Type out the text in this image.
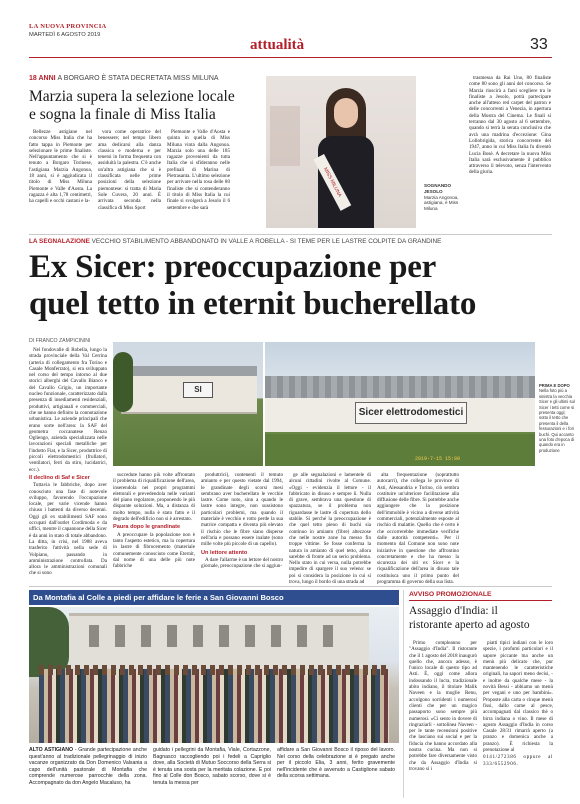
LA NUOVA PROVINCIA
MARTEDÌ 6 AGOSTO 2019
attualità	33
18 ANNI A BORGARO È STATA DECRETATA MISS MILUNA
Marzia supera la selezione locale
e sogna la finale di Miss Italia

Bellezze astigiane nel concorso Miss Italia che ha fatto tappa in Piemonte per selezionare le prime finaliste. Nell'appuntamento che si è tenuto a Borgaro Torinese, l'astigiana Marzia Angonoa, 18 anni, si è aggiudicata il titolo di Miss Miluna Piemonte e Valle d'Aosta. La ragazza è alta 1,78 centimetri, ha capelli e occhi castani e la-

vora come operatrice del benessere; nel tempo libero ama dedicarsi alla danza classica e moderna e per tenersi in forma frequenta con assiduità la palestra. C'è anche un'altra astigiana che si è classificata nelle prime posizioni della selezione piemontese: si tratta di Maria Sole Cuvera, 20 anni. È arrivata seconda nella classifica di Miss Sport

Piemonte e Valle d'Aosta e quinta in quella di Miss Miluna vinta dalla Angonoa. Marzia solo una delle 185 ragazze provenienti da tutta Italia che si sfideranno nelle prefinali di Marina di Pietrasanta. L'ultimo selezione per arrivare nella rosa delle 80 finaliste che si contenderanno il titolo di Miss Italia la cui finale si svolgerà a Jesolo il 6 settembre e che sarà

MISS MILUNA	SOGNANDO JESOLO
Marzia Angonoa, astigiana, è Miss Miluna

trasmessa da Rai Uno, 80 finaliste come 80 sono gli anni del concorso. Se Marzia riuscirà a farsi scegliere tra le finaliste a Jesolo, potrà partecipare anche all'atteso red carpet del patron e delle concorrenti a Venezia, in apertura della Mostra del Cinema. Le finali si terranno dal 30 agosto al 6 settembre, quando si terrà la serata conclusiva che avrà una madrina d'eccezione: Gina Lollobrigida, storica concorrente del 1947, anno in cui Miss Italia fu diventò Lucia Bosè. A decretare la nuova Miss Italia sarà esclusivamente il pubblico attraverso il televoto, senza l'intervento della giuria.

LA SEGNALAZIONE VECCHIO STABILIMENTO ABBANDONATO IN VALLE A ROBELLA - SI TEME PER LE LASTRE COLPITE DA GRANDINE
Ex Sicer: preoccupazione per
quel tetto in eternit bucherellato
DI FRANCO ZAMPICININI

Nel fondovalle di Robella, lungo la strada provinciale della Val Cerrina (arteria di collegamento fra Torino e Casale Monferrato), si era sviluppato nel corso del tempo intorno al due storici alberghi del Cavallo Bianco e del Cavallo Grigio, un importante nucleo funzionale, caratterizzato dalla presenza di insediamenti residenziali, produttivi, artigianali e commerciali, che ne hanno definito la connotazione urbanistica. Le aziende principali che erano sorte nell'area: la SAF del geometra coccanatese Renzo Ogliengo, azienda specializzata nelle lavorazioni speciali metalliche per l'indotto Fiat, e la Sicer, produttrice di piccoli elettrodomestici (frullatori, ventilatori, ferri da stiro, lucidatrici, ecc.).

Il declino di Saf e Sicer

Tuttavia le fabbriche, dopo aver conosciuto una fase di notevole sviluppo, favorendo l'occupazione locale, per varie vicende hanno chiuso i battenti da diverso decenni. Oggi gli ex stabilimenti SAF sono occupati dall'outlet Cordimoda e da uffici, mentre il capannone della Sicer è da anni in stato di totale abbandono. La ditta, in crisi, nel 1988 aveva trasferito l'attività nella sede di Volpiano, passando in amministrazione controllata. Da allora le amministrazioni comunali che si sono

SI
Sicer elettrodomestici
2019-7-15 15:00
PRIMA E DOPO
Nella foto più a sinistra la vecchia Sicer e gli ultimi sul Sicer i tetti come si presenta oggi; sotto il tetto che presenta il della fessurazioni e i fori buchi. Qui accanto una foto d'epoca di quando era in produzione

succedute hanno più volte affrontato il problema di riqualificazione dell'area, inserendola nei propri programmi elettorali e prevedendola nelle varianti del piano regolatore, proponendo le più disparate soluzioni. Ma, a distanza di molto tempo, nulla è stato fatto e il degrado dell'edificio non si è arrestato.

Paura dopo le grandinate

A preoccupare la popolazione non è tanto l'aspetto estetico, ma la copertura in lastre di fibrocemento (materiale comunemente conosciuto come Eternit, dal nome di una delle più note fabbriche

produttrici), contenenti il temuto amianto e per questo vietate dal 1994, le grandinate degli scorsi mesi sembrano aver bucherellato le vecchie lastre. Come noto, sinn a quando le lastre sono integre, non sussistono particolari problemi, ma quando il materiale è vecchio e rotto perde la sua matrice compatta e diventa più elevato il rischio che le fibre siano disperse nell'aria e possano essere inalate (sono mille volte più piccole di un capello).

Un lettore attento

A dare l'allarme è un lettore del nostro giornale, preoccupazione che si aggiun-

ge alle segnalazioni e lamentele di alcuni cittadini rivolte al Comune. «Oggi - evidenzia il lettore - il fabbricato in disuso e sempre li. Nulla di grave, sembrava una questione di spazzatura, se il problema non riguardasse le lastre di copertura dello stabile. Si perché la preoccupazione è che quel tetto pieno di buchi sia continuo in amianto (fibre) altezzose che nelle nostre zone ha messo fin troppe vittime. Se fosse conferma la natura in amianto di quel tetto, allora sarebbe di fronte ad un serio problema. Nello stato in cui versa, nulla potrebbe impedire di spargere il suo veleno: se poi si considera la posizione in cui si trova, lungo il bordo di una strada ad

alta frequentazione (soprattutto autocarri), che collega le province di Asti, Alessandria e Torino, ciò sembra costituire un'ulteriore facilitazione alla diffusione delle fibre. Si potrebbe anche aggiungere che la posizione dell'immobile è vicino a diverse attività commerciali, potenzialmente esposte al rischio di malattie. Quello che è certo è che occorrerebbe immediate verifiche dalle autorità competenti». Per il momento dal Comune non sono note iniziative in questione che affrontino concretamente e che ha messo la sicurezza dei siti ex Sicer e la riqualificazione dell'area in disuso tale costituisca uno il primo punto del programma di governo della sua lista.

Da Montafia al Colle a piedi per affidare le ferie a San Giovanni Bosco
ALTO ASTIGIANO - Grande partecipazione anche quest'anno al tradizionale pellegrinaggio di inizio vacanze organizzato da Don Domenico Valsania a capo dell'unità pastorale di Montafia che comprende numerose parrocchie della zona. Accompagnato da don Angelo Macaluso, ha
guidato i pellegrini da Montafia, Viale, Cortazzone, Bagnasco raccogliendo poi i fedeli a Capriglio dove, alla Società di Mutuo Soccorso della Serra si è tenuta una sosta per la meritata colazione. E poi fino al Colle don Bosco, sabato scorso, dove si è tenuta la messa per
affidare a San Giovanni Bosco il riposo del lavoro. Nel corso della celebrazione si è pregato anche per il piccolo Elia, 3 anni, ferito gravemente nell'incidente che è avvenuto a Castiglione sabato della scorsa settimana.
AVVISO PROMOZIONALE
Assaggio d'India: il
ristorante aperto ad agosto

Primo compleanno per "Assaggio d'India". Il ristorante che il 1 agosto del 2018 inaugurò quello che, ancora adesso, è l'unico locale di questo tipo ad Asti. È, oggi come allora indossando il lucra, tradizionale abito indiano, il titolare Malik Naveen e la moglie Renu, accolgono sorridenti i numerosi clienti che per un magico passaporto sono sempre più numerosi. «Ci sento in dovere di ringraziarli - sottolinea Naveen - per le tante recensioni positive che lasciano sui social e per la fiducia che hanno accordato alla nostra cucina. Ma non si potrebbe fare diversamente visto che da Assaggio d'India si trovano sì i

piatti tipici indiani con le loro spezie, i profumi particolari e il sapore piccante ma anche un menù più delicato che, pur mantenendo le caratteristiche originali, ha sapori meno decisi, - e inoltre da qualche mese - la novità Bessi - abbiamo un menù per vegani e uno per bambini». Proposte alla carta o cinque menù fissi, dallo carne al pesce, accompagnati dal classico thè o birra indiana o vino. Il mese di agosto Assaggio d'India in corso Casale 28/31 rimarrà aperto (a pranzo e domenica anche a pranzo). È richiesta la prenotazione al

0141/272386 oppure al 333/6552906.
